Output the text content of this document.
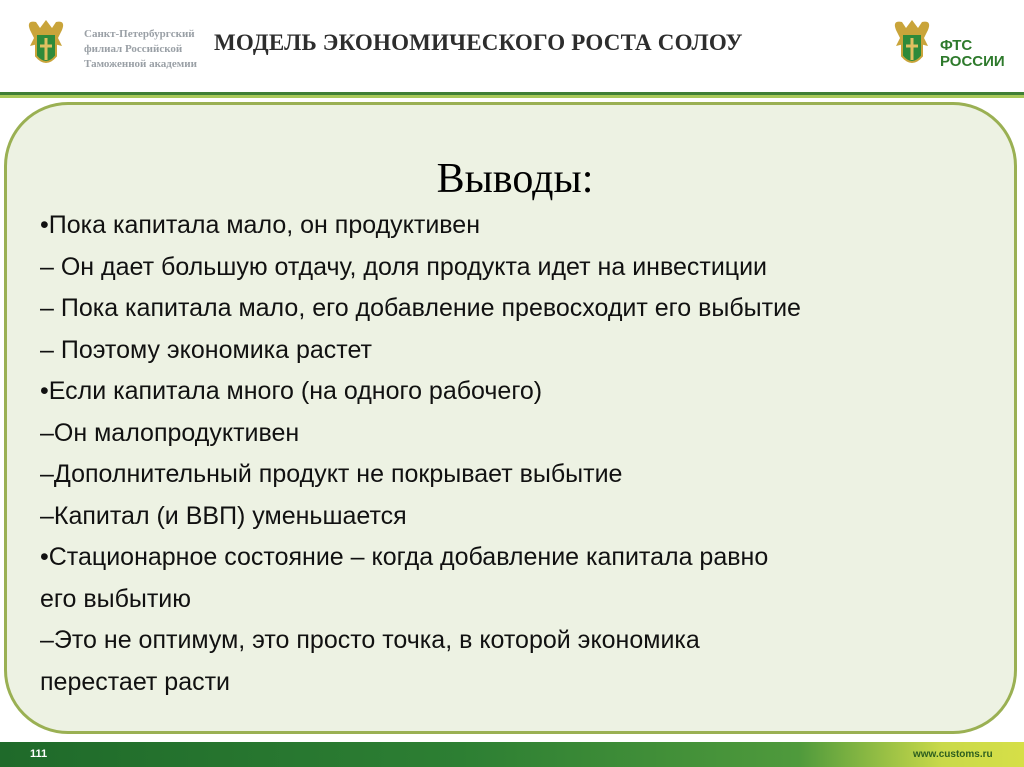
Санкт-Петербургский
филиал Российской
Таможенной академии
МОДЕЛЬ ЭКОНОМИЧЕСКОГО РОСТА СОЛОУ	ФТС
РОССИИ
Выводы:
•Пока капитала мало, он продуктивен
– Он дает большую отдачу, доля продукта идет на инвестиции
– Пока капитала мало, его добавление превосходит его выбытие
– Поэтому экономика растет
•Если капитала много (на одного рабочего)
–Он малопродуктивен
–Дополнительный продукт не покрывает выбытие
–Капитал (и ВВП) уменьшается
•Стационарное состояние – когда добавление капитала равно
его выбытию
–Это не оптимум, это просто точка, в которой экономика
перестает расти
111	www.customs.ru
